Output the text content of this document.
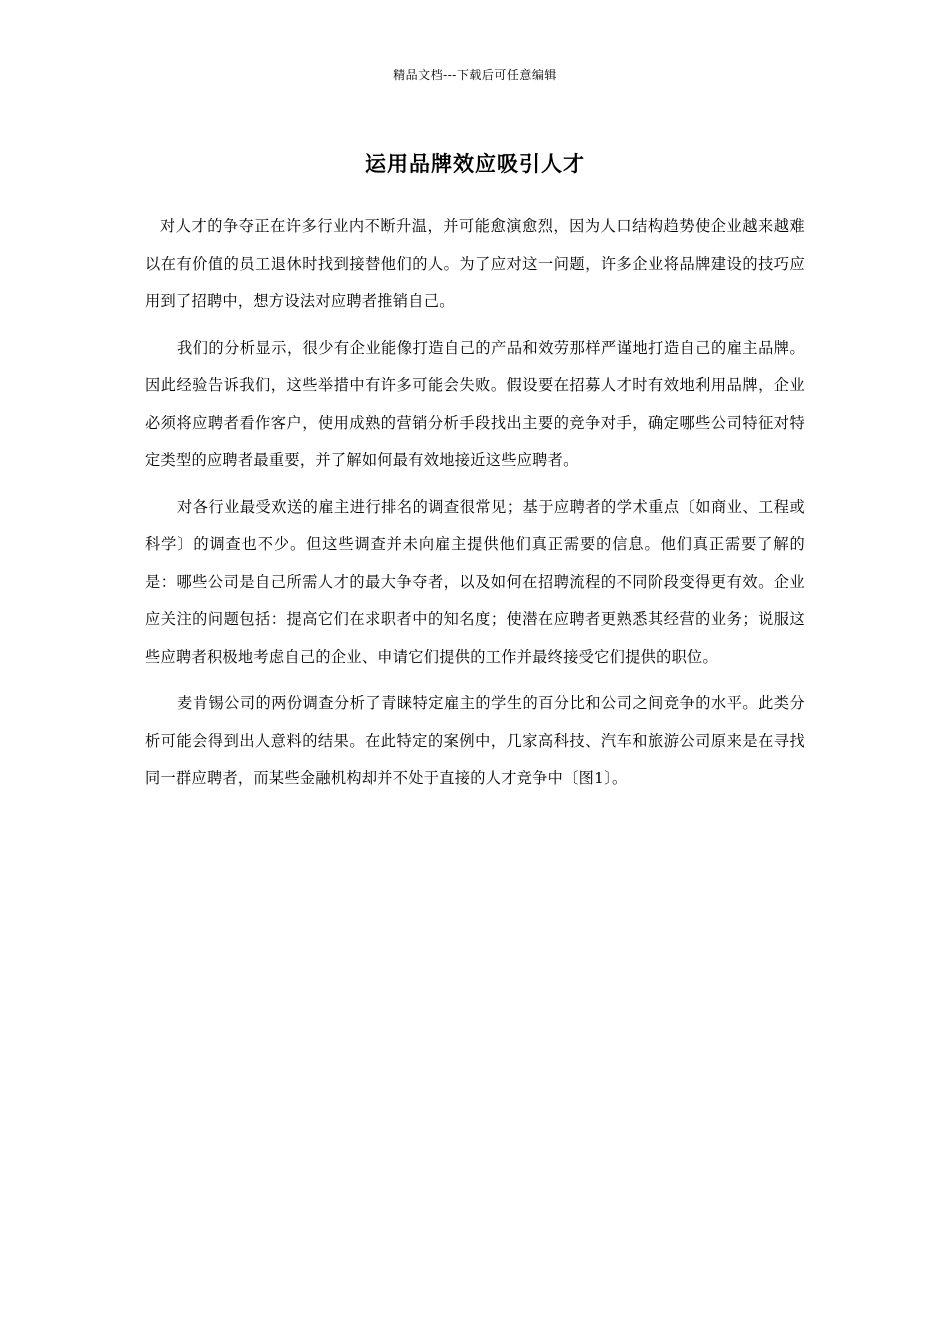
精品文档---下载后可任意编辑
运用品牌效应吸引人才

对人才的争夺正在许多行业内不断升温，并可能愈演愈烈，因为人口结构趋势使企业越来越难以在有价值的员工退休时找到接替他们的人。为了应对这一问题，许多企业将品牌建设的技巧应用到了招聘中，想方设法对应聘者推销自己。

我们的分析显示，很少有企业能像打造自己的产品和效劳那样严谨地打造自己的雇主品牌。因此经验告诉我们，这些举措中有许多可能会失败。假设要在招募人才时有效地利用品牌，企业必须将应聘者看作客户，使用成熟的营销分析手段找出主要的竞争对手，确定哪些公司特征对特定类型的应聘者最重要，并了解如何最有效地接近这些应聘者。

对各行业最受欢送的雇主进行排名的调查很常见；基于应聘者的学术重点〔如商业、工程或科学〕的调查也不少。但这些调查并未向雇主提供他们真正需要的信息。他们真正需要了解的是：哪些公司是自己所需人才的最大争夺者，以及如何在招聘流程的不同阶段变得更有效。企业应关注的问题包括：提高它们在求职者中的知名度；使潜在应聘者更熟悉其经营的业务；说服这些应聘者积极地考虑自己的企业、申请它们提供的工作并最终接受它们提供的职位。

麦肯锡公司的两份调查分析了青睐特定雇主的学生的百分比和公司之间竞争的水平。此类分析可能会得到出人意料的结果。在此特定的案例中，几家高科技、汽车和旅游公司原来是在寻找同一群应聘者，而某些金融机构却并不处于直接的人才竞争中〔图1〕。
